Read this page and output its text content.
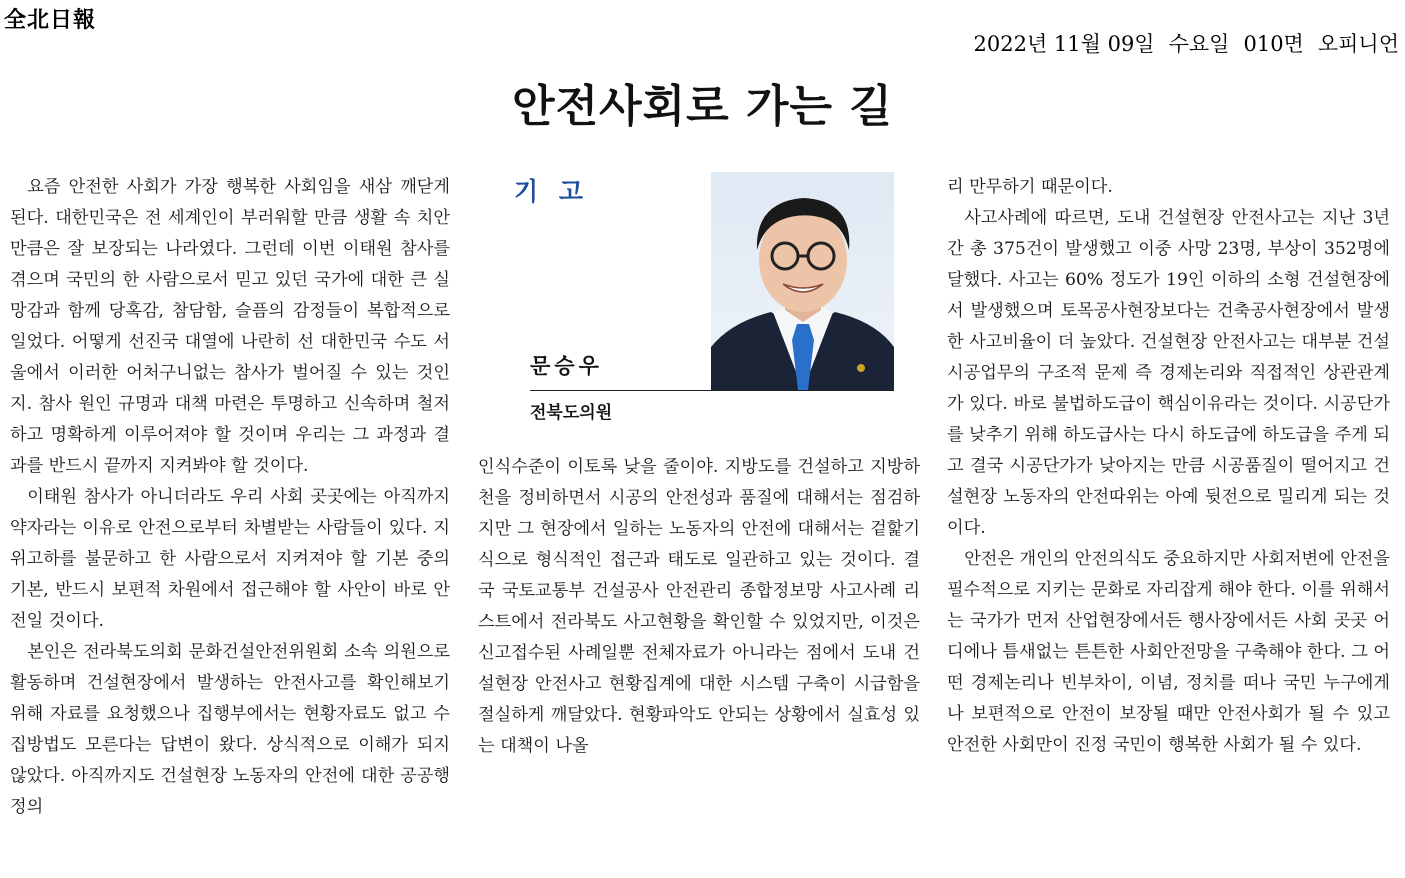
全北日報
2022년 11월 09일 수요일 010면 오피니언
안전사회로 가는 길

요즘 안전한 사회가 가장 행복한 사회임을 새삼 깨닫게 된다. 대한민국은 전 세계인이 부러워할 만큼 생활 속 치안만큼은 잘 보장되는 나라였다. 그런데 이번 이태원 참사를 겪으며 국민의 한 사람으로서 믿고 있던 국가에 대한 큰 실망감과 함께 당혹감, 참담함, 슬픔의 감정들이 복합적으로 일었다. 어떻게 선진국 대열에 나란히 선 대한민국 수도 서울에서 이러한 어처구니없는 참사가 벌어질 수 있는 것인지. 참사 원인 규명과 대책 마련은 투명하고 신속하며 철저하고 명확하게 이루어져야 할 것이며 우리는 그 과정과 결과를 반드시 끝까지 지켜봐야 할 것이다.

이태원 참사가 아니더라도 우리 사회 곳곳에는 아직까지 약자라는 이유로 안전으로부터 차별받는 사람들이 있다. 지위고하를 불문하고 한 사람으로서 지켜져야 할 기본 중의 기본, 반드시 보편적 차원에서 접근해야 할 사안이 바로 안전일 것이다.

본인은 전라북도의회 문화건설안전위원회 소속 의원으로 활동하며 건설현장에서 발생하는 안전사고를 확인해보기 위해 자료를 요청했으나 집행부에서는 현황자료도 없고 수집방법도 모른다는 답변이 왔다. 상식적으로 이해가 되지 않았다. 아직까지도 건설현장 노동자의 안전에 대한 공공행정의

기 고
문승우
전북도의원

인식수준이 이토록 낮을 줄이야. 지방도를 건설하고 지방하천을 정비하면서 시공의 안전성과 품질에 대해서는 점검하지만 그 현장에서 일하는 노동자의 안전에 대해서는 겉핥기식으로 형식적인 접근과 태도로 일관하고 있는 것이다. 결국 국토교통부 건설공사 안전관리 종합정보망 사고사례 리스트에서 전라북도 사고현황을 확인할 수 있었지만, 이것은 신고접수된 사례일뿐 전체자료가 아니라는 점에서 도내 건설현장 안전사고 현황집계에 대한 시스템 구축이 시급함을 절실하게 깨달았다. 현황파악도 안되는 상황에서 실효성 있는 대책이 나올

리 만무하기 때문이다.

사고사례에 따르면, 도내 건설현장 안전사고는 지난 3년간 총 375건이 발생했고 이중 사망 23명, 부상이 352명에 달했다. 사고는 60% 정도가 19인 이하의 소형 건설현장에서 발생했으며 토목공사현장보다는 건축공사현장에서 발생한 사고비율이 더 높았다. 건설현장 안전사고는 대부분 건설시공업무의 구조적 문제 즉 경제논리와 직접적인 상관관계가 있다. 바로 불법하도급이 핵심이유라는 것이다. 시공단가를 낮추기 위해 하도급사는 다시 하도급에 하도급을 주게 되고 결국 시공단가가 낮아지는 만큼 시공품질이 떨어지고 건설현장 노동자의 안전따위는 아예 뒷전으로 밀리게 되는 것이다.

안전은 개인의 안전의식도 중요하지만 사회저변에 안전을 필수적으로 지키는 문화로 자리잡게 해야 한다. 이를 위해서는 국가가 먼저 산업현장에서든 행사장에서든 사회 곳곳 어디에나 틈새없는 튼튼한 사회안전망을 구축해야 한다. 그 어떤 경제논리나 빈부차이, 이념, 정치를 떠나 국민 누구에게나 보편적으로 안전이 보장될 때만 안전사회가 될 수 있고 안전한 사회만이 진정 국민이 행복한 사회가 될 수 있다.
